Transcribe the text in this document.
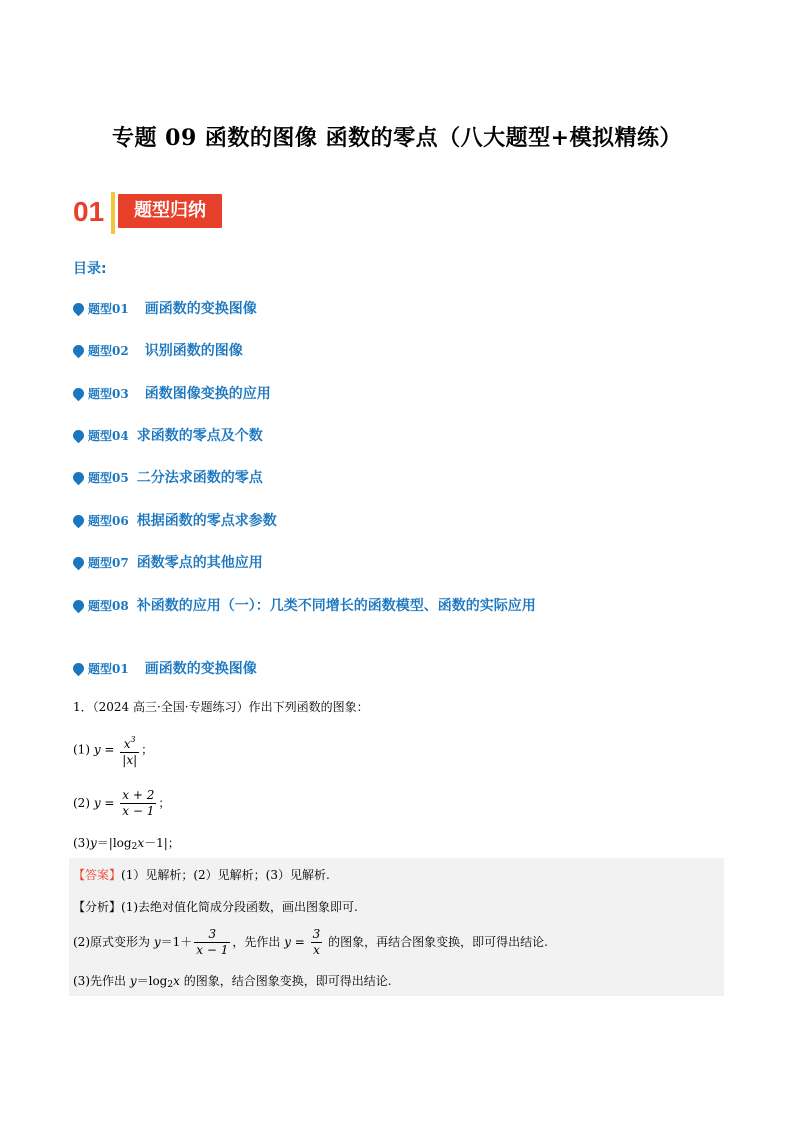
专题 09 函数的图像 函数的零点（八大题型+模拟精练）
01	题型归纳
目录:
题型01 画函数的变换图像
题型02 识别函数的图像
题型03 函数图像变换的应用
题型04 求函数的零点及个数
题型05 二分法求函数的零点
题型06 根据函数的零点求参数
题型07 函数零点的其他应用
题型08 补函数的应用（一）：几类不同增长的函数模型、函数的实际应用
题型01 画函数的变换图像
1．（2024 高三·全国·专题练习）作出下列函数的图象：
(1) $y = \frac{x^3}{|x|}$ ；
(2) $y = \frac{x + 2}{x - 1}$ ；
$(3)y=|\log_2x-1|$；
【答案】(1）见解析；(2）见解析；(3）见解析.
【分析】(1)去绝对值化简成分段函数，画出图象即可.
(2)原式变形为 $y=1+ \frac{3}{x - 1}$ ，先作出 $y = \frac{3}{x}$ 的图象，再结合图象变换，即可得出结论.
(3)先作出 $y=\log_2x$ 的图象，结合图象变换，即可得出结论.
